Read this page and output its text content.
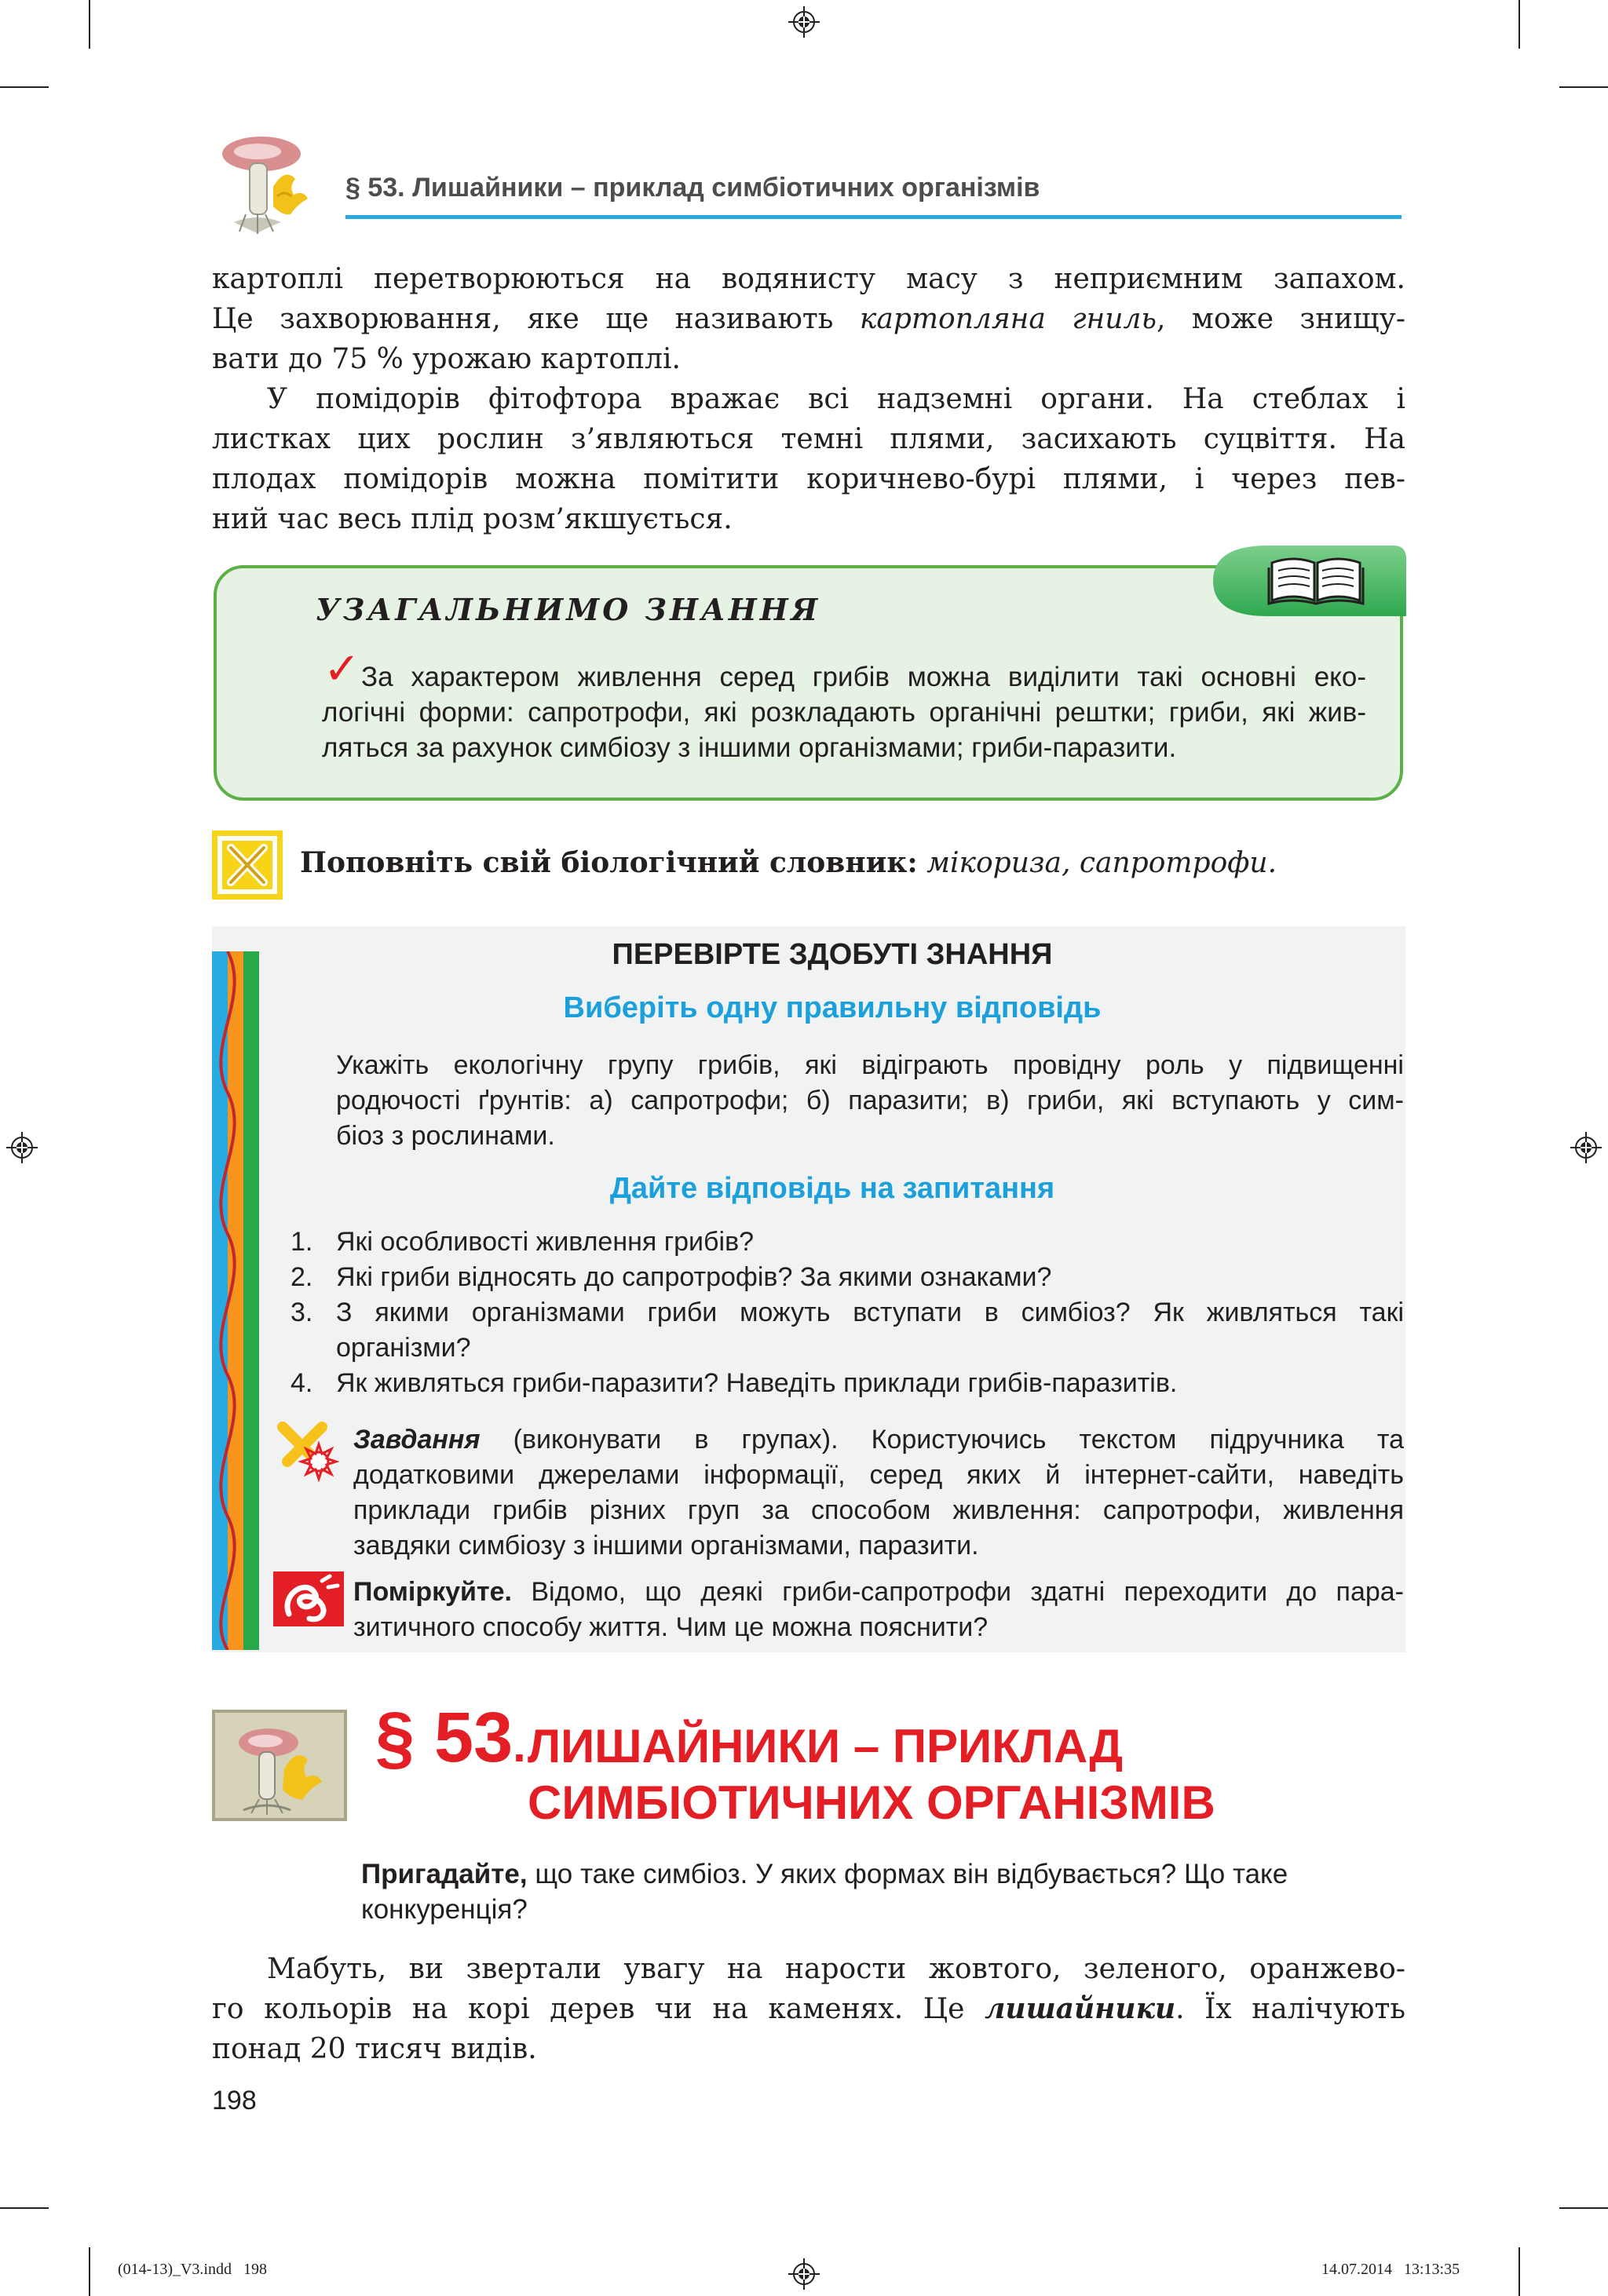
§ 53. Лишайники – приклад симбіотичних організмів
картоплі перетворюються на водянисту масу з неприємним запахом.
Це захворювання, яке ще називають картопляна гниль, може знищу-
вати до 75 % урожаю картоплі.
У помідорів фітофтора вражає всі надземні органи. На стеблах і
листках цих рослин з’являються темні плями, засихають суцвіття. На
плодах помідорів можна помітити коричнево-бурі плями, і через пев-
ний час весь плід розм’якшується.
УЗАГАЛЬНИМО ЗНАННЯ
✓ За характером живлення серед грибів можна виділити такі основні еко-
логічні форми: сапротрофи, які розкладають органічні рештки; гриби, які жив-
ляться за рахунок симбіозу з іншими організмами; гриби-паразити.
Поповніть свій біологічний словник: мікориза, сапротрофи.
ПЕРЕВІРТЕ ЗДОБУТІ ЗНАННЯ
Виберіть одну правильну відповідь
Укажіть екологічну групу грибів, які відіграють провідну роль у підвищенні
родючості ґрунтів: а) сапротрофи; б) паразити; в) гриби, які вступають у сим-
біоз з рослинами.
Дайте відповідь на запитання
1. Які особливості живлення грибів?
2. Які гриби відносять до сапротрофів? За якими ознаками?
3. З якими організмами гриби можуть вступати в симбіоз? Як живляться такі
організми?
4. Як живляться гриби-паразити? Наведіть приклади грибів-паразитів.
Завдання (виконувати в групах). Користуючись текстом підручника та
додатковими джерелами інформації, серед яких й інтернет-сайти, наведіть
приклади грибів різних груп за способом живлення: сапротрофи, живлення
завдяки симбіозу з іншими організмами, паразити.
Поміркуйте. Відомо, що деякі гриби-сапротрофи здатні переходити до пара-
зитичного способу життя. Чим це можна пояснити?
§ 53. ЛИШАЙНИКИ – ПРИКЛАД
СИМБІОТИЧНИХ ОРГАНІЗМІВ
Пригадайте, що таке симбіоз. У яких формах він відбувається? Що таке
конкуренція?
Мабуть, ви звертали увагу на нарости жовтого, зеленого, оранжево-
го кольорів на корі дерев чи на каменях. Це лишайники. Їх налічують
понад 20 тисяч видів.
198
(014-13)_V3.indd   198	14.07.2014   13:13:35
